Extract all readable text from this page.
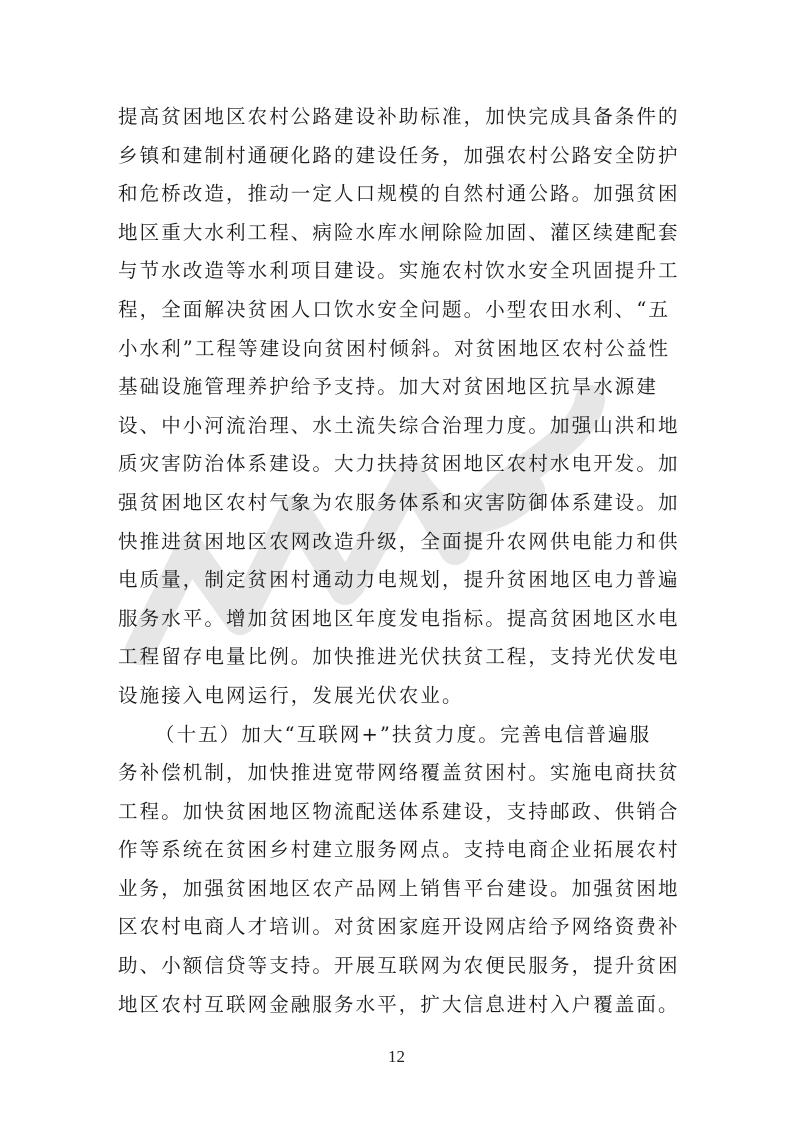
提高贫困地区农村公路建设补助标准，加快完成具备条件的
乡镇和建制村通硬化路的建设任务，加强农村公路安全防护
和危桥改造，推动一定人口规模的自然村通公路。加强贫困
地区重大水利工程、病险水库水闸除险加固、灌区续建配套
与节水改造等水利项目建设。实施农村饮水安全巩固提升工
程，全面解决贫困人口饮水安全问题。小型农田水利、“五
小水利”工程等建设向贫困村倾斜。对贫困地区农村公益性
基础设施管理养护给予支持。加大对贫困地区抗旱水源建
设、中小河流治理、水土流失综合治理力度。加强山洪和地
质灾害防治体系建设。大力扶持贫困地区农村水电开发。加
强贫困地区农村气象为农服务体系和灾害防御体系建设。加
快推进贫困地区农网改造升级，全面提升农网供电能力和供
电质量，制定贫困村通动力电规划，提升贫困地区电力普遍
服务水平。增加贫困地区年度发电指标。提高贫困地区水电
工程留存电量比例。加快推进光伏扶贫工程，支持光伏发电
设施接入电网运行，发展光伏农业。
（十五）加大“互联网+”扶贫力度。完善电信普遍服
务补偿机制，加快推进宽带网络覆盖贫困村。实施电商扶贫
工程。加快贫困地区物流配送体系建设，支持邮政、供销合
作等系统在贫困乡村建立服务网点。支持电商企业拓展农村
业务，加强贫困地区农产品网上销售平台建设。加强贫困地
区农村电商人才培训。对贫困家庭开设网店给予网络资费补
助、小额信贷等支持。开展互联网为农便民服务，提升贫困
地区农村互联网金融服务水平，扩大信息进村入户覆盖面。
12
